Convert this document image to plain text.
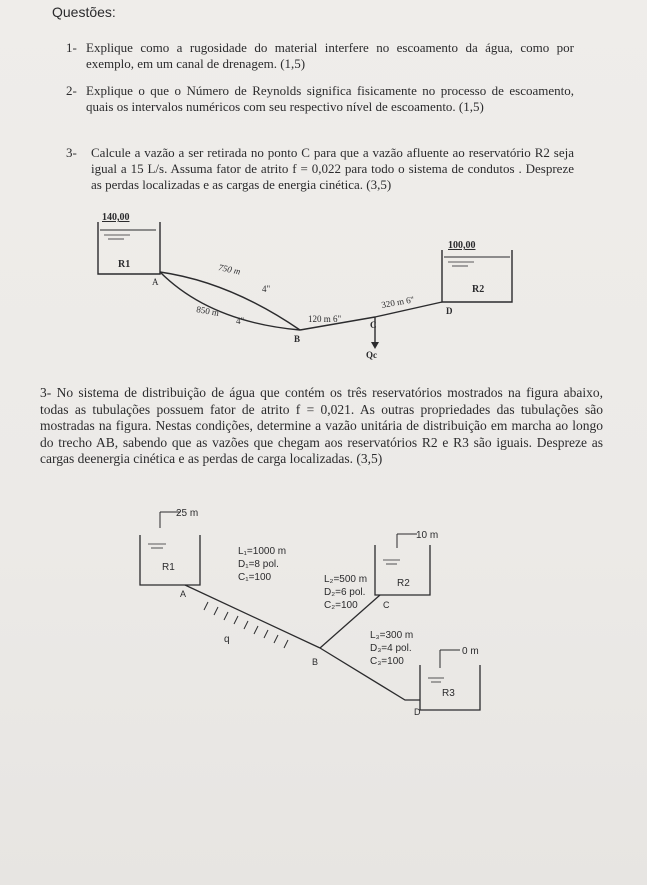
Questões:
1- Explique como a rugosidade do material interfere no escoamento da água, como por exemplo, em um canal de drenagem. (1,5)
2- Explique o que o Número de Reynolds significa fisicamente no processo de escoamento, quais os intervalos numéricos com seu respectivo nível de escoamento. (1,5)
3- Calcule a vazão a ser retirada no ponto C para que a vazão afluente ao reservatório R2 seja igual a 15 L/s. Assuma fator de atrito f = 0,022 para todo o sistema de condutos . Despreze as perdas localizadas e as cargas de energia cinética. (3,5)
140,00
R1
100,00
R2
A
B
C
D
Qc
750 m
4"
850 m
4"	120 m 6"
320 m 6"
3- No sistema de distribuição de água que contém os três reservatórios mostrados na figura abaixo, todas as tubulações possuem fator de atrito f = 0,021. As outras propriedades das tubulações são mostradas na figura. Nestas condições, determine a vazão unitária de distribuição em marcha ao longo do trecho AB, sabendo que as vazões que chegam aos reservatórios R2 e R3 são iguais. Despreze as cargas deenergia cinética e as perdas de carga localizadas. (3,5)
25 m
R1
10 m
R2
0 m
R3
A
B
C
D
q
L₁=1000 m
D₁=8 pol.
C₁=100	L₂=500 m
D₂=6 pol.
C₂=100
L₃=300 m
D₃=4 pol.
C₃=100
